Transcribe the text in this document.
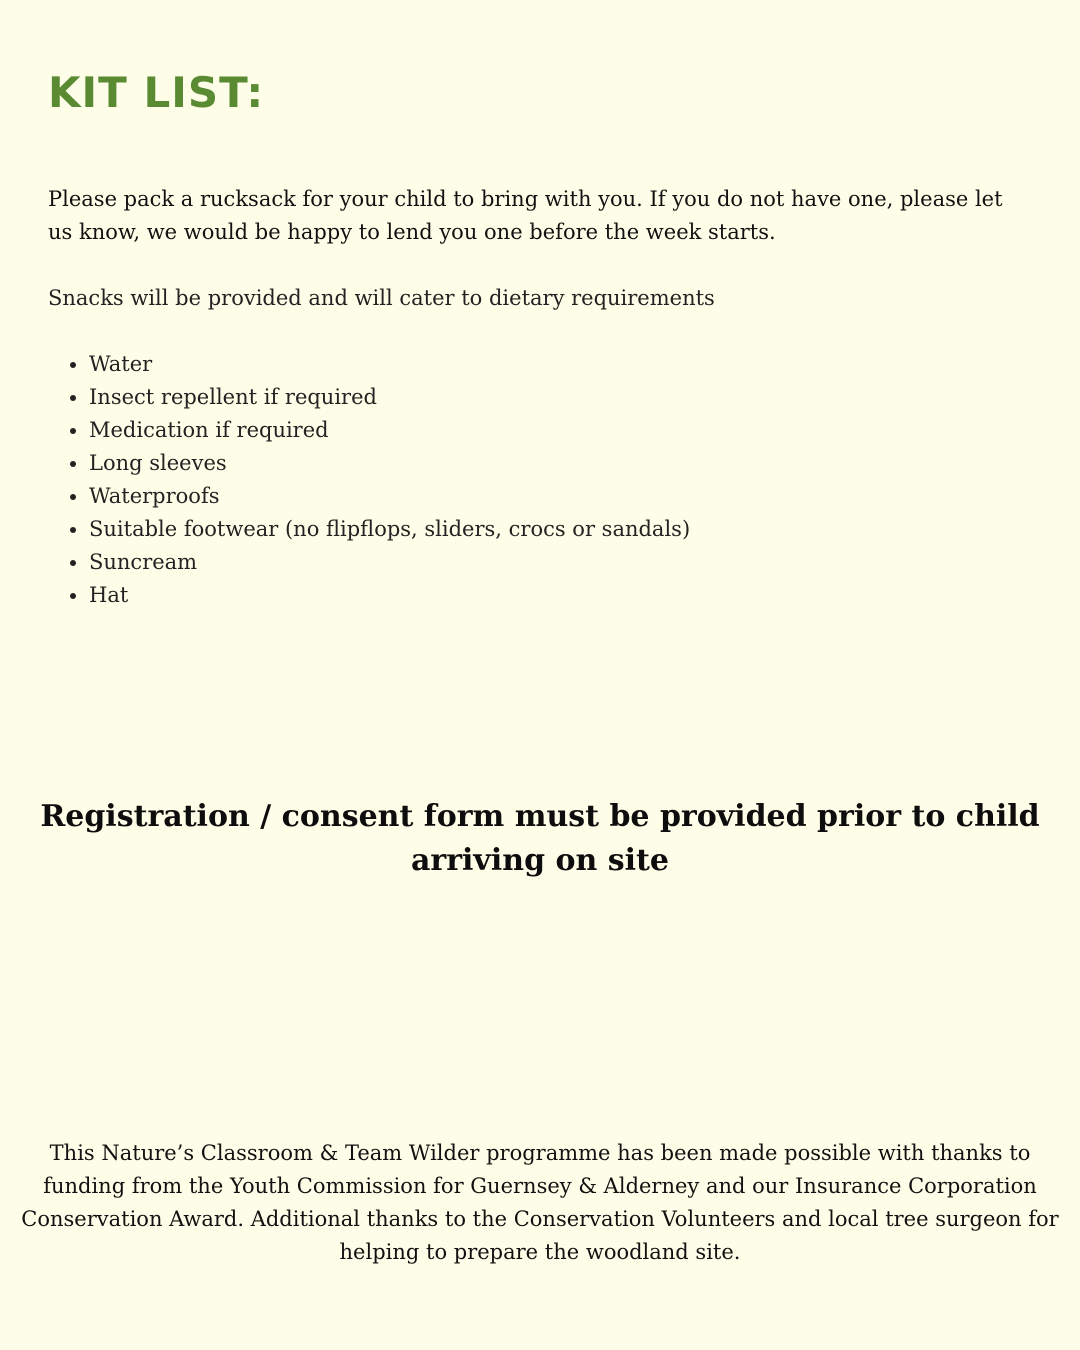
KIT LIST:

Please pack a rucksack for your child to bring with you. If you do not have one, please let us know, we would be happy to lend you one before the week starts.

Snacks will be provided and will cater to dietary requirements

• Water
• Insect repellent if required
• Medication if required
• Long sleeves
• Waterproofs
• Suitable footwear (no flipflops, sliders, crocs or sandals)
• Suncream
• Hat

Registration / consent form must be provided prior to child arriving on site

This Nature’s Classroom & Team Wilder programme has been made possible with thanks to funding from the Youth Commission for Guernsey & Alderney and our Insurance Corporation Conservation Award. Additional thanks to the Conservation Volunteers and local tree surgeon for helping to prepare the woodland site.
